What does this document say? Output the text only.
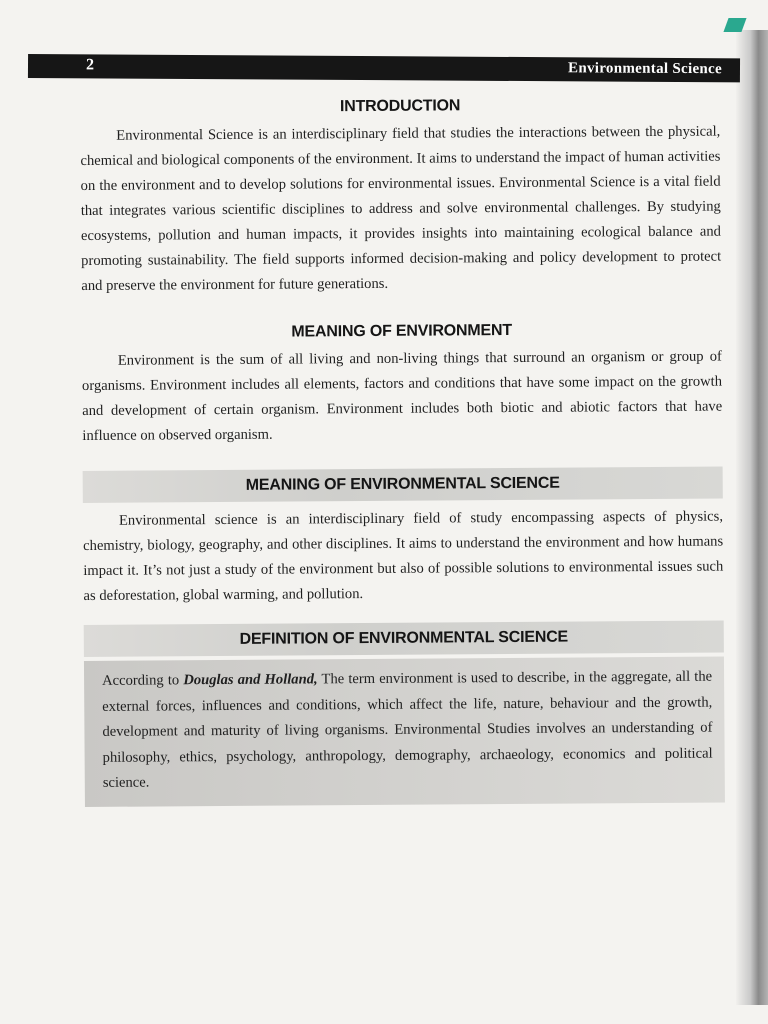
2	Environmental Science
INTRODUCTION

Environmental Science is an interdisciplinary field that studies the interactions between the physical, chemical and biological components of the environment. It aims to understand the impact of human activities on the environment and to develop solutions for environmental issues. Environmental Science is a vital field that integrates various scientific disciplines to address and solve environmental challenges. By studying ecosystems, pollution and human impacts, it provides insights into maintaining ecological balance and promoting sustainability. The field supports informed decision-making and policy development to protect and preserve the environment for future generations.

MEANING OF ENVIRONMENT

Environment is the sum of all living and non-living things that surround an organism or group of organisms. Environment includes all elements, factors and conditions that have some impact on the growth and development of certain organism. Environment includes both biotic and abiotic factors that have influence on observed organism.

MEANING OF ENVIRONMENTAL SCIENCE

Environmental science is an interdisciplinary field of study encompassing aspects of physics, chemistry, biology, geography, and other disciplines. It aims to understand the environment and how humans impact it. It’s not just a study of the environment but also of possible solutions to environmental issues such as deforestation, global warming, and pollution.

DEFINITION OF ENVIRONMENTAL SCIENCE
According to Douglas and Holland, The term environment is used to describe, in the aggregate, all the external forces, influences and conditions, which affect the life, nature, behaviour and the growth, development and maturity of living organisms. Environmental Studies involves an understanding of philosophy, ethics, psychology, anthropology, demography, archaeology, economics and political science.
